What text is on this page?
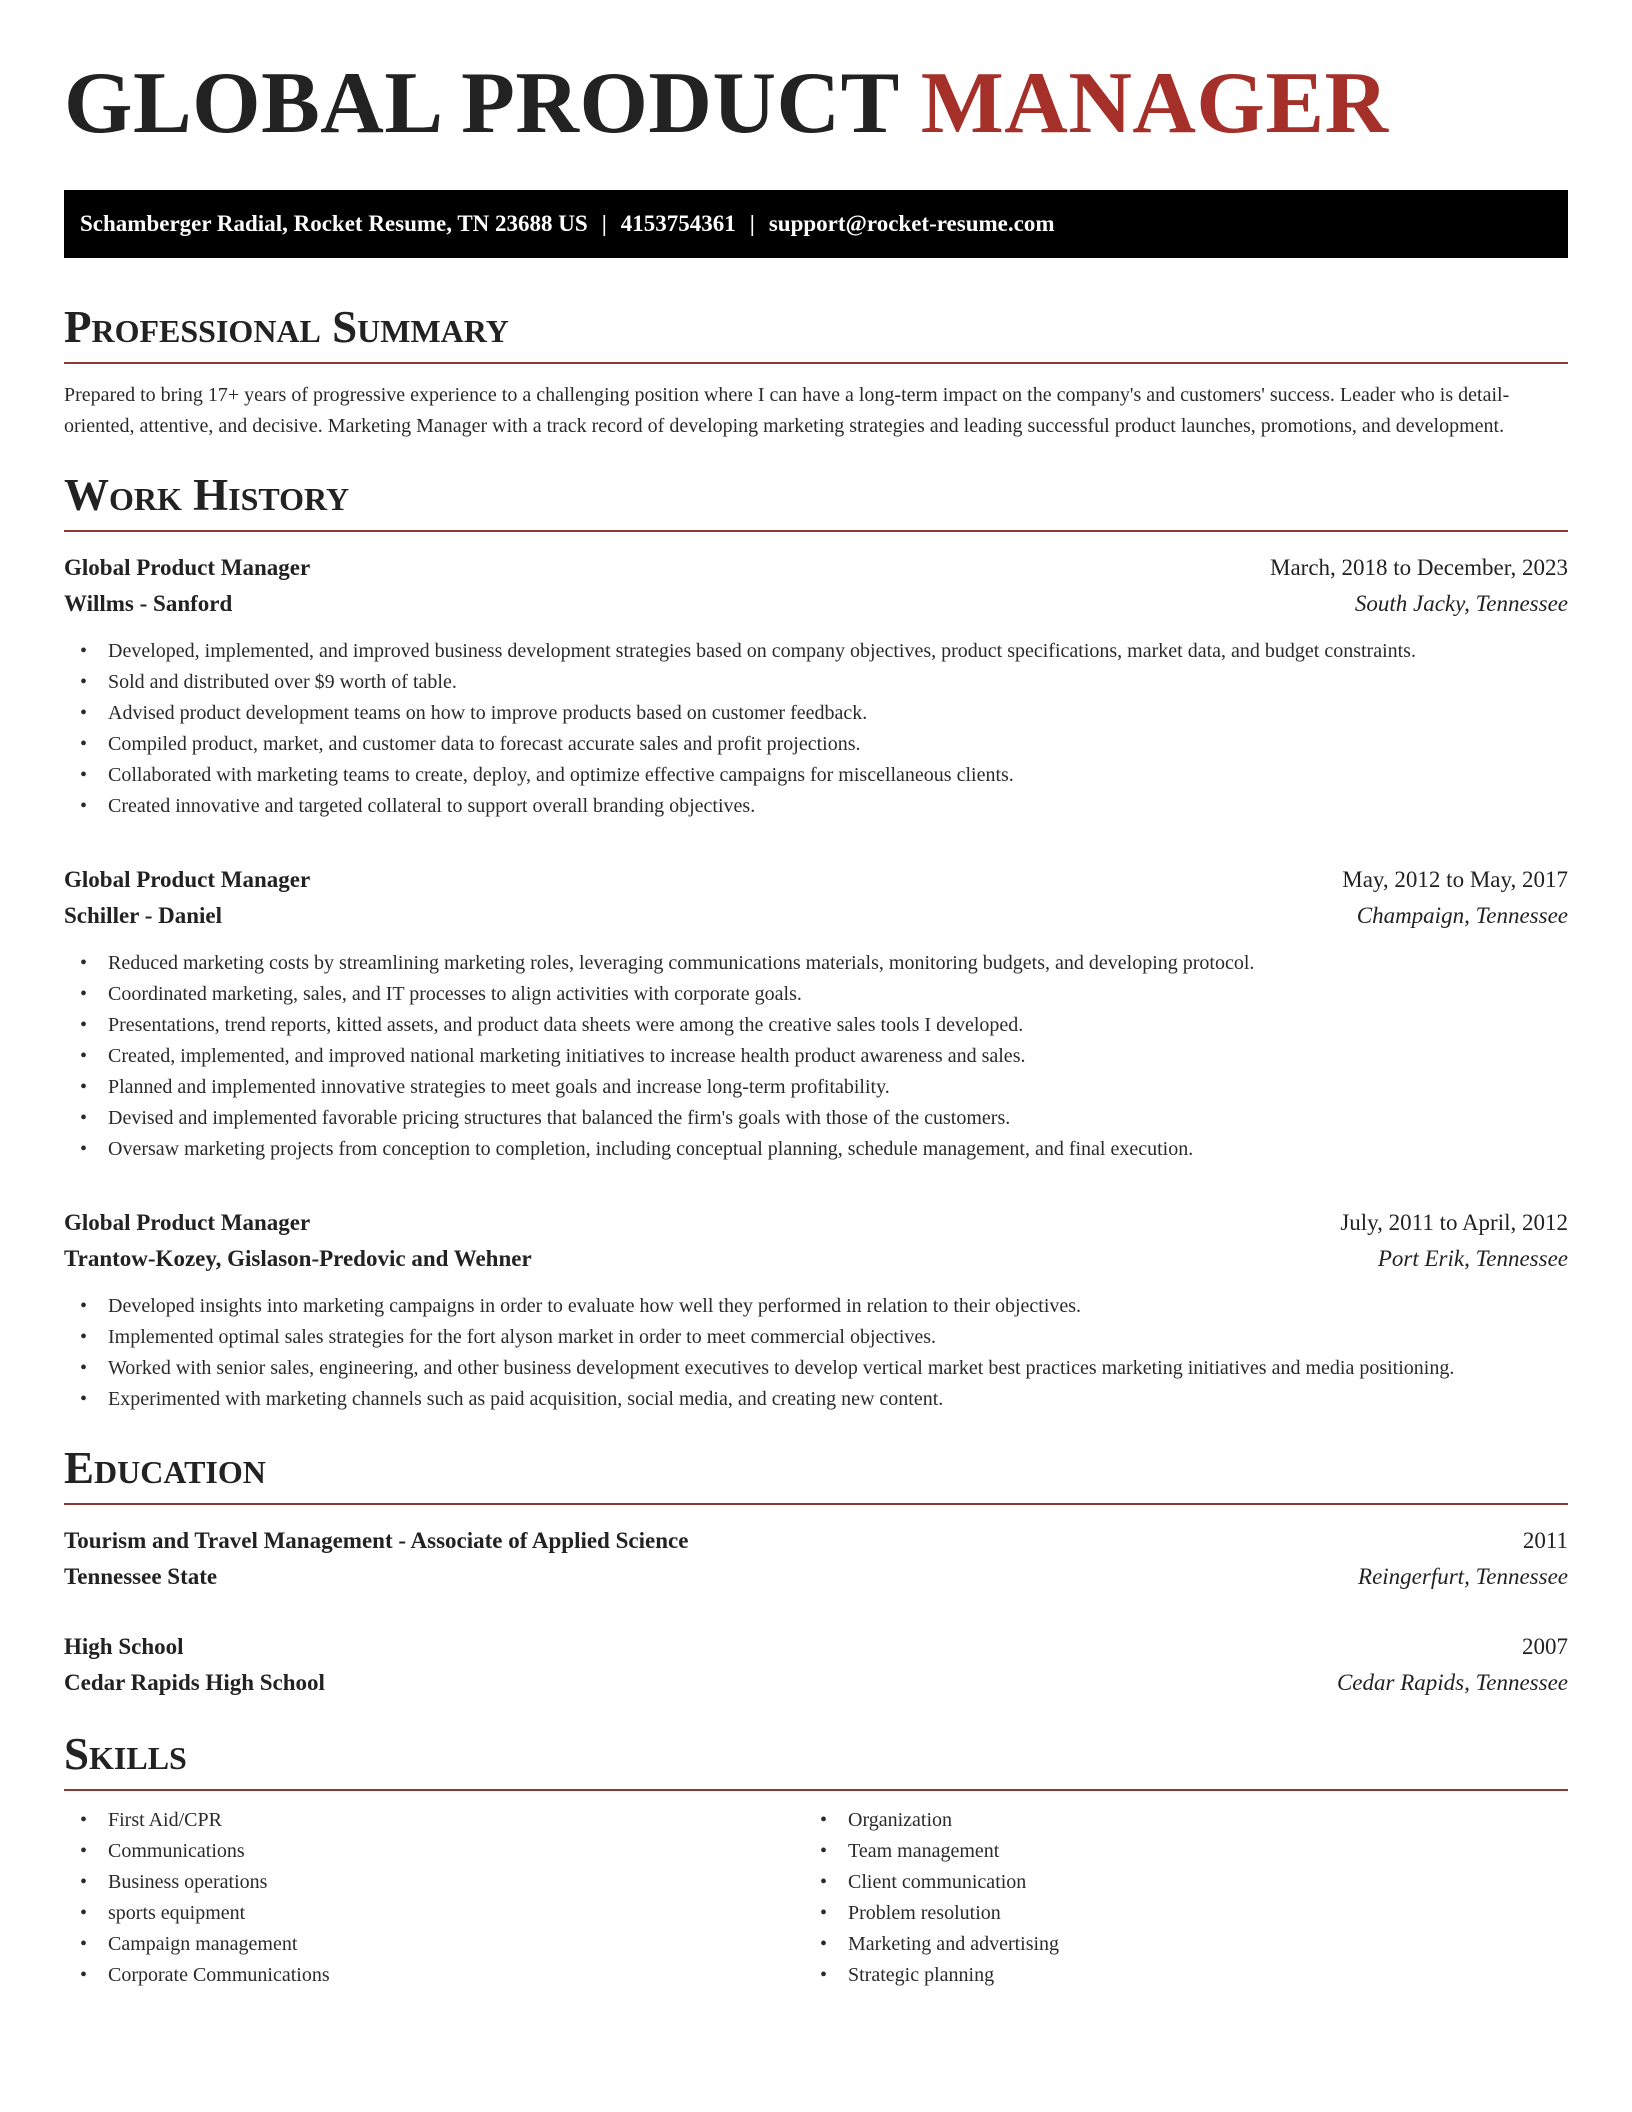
GLOBAL PRODUCT MANAGER
Schamberger Radial, Rocket Resume, TN 23688 US | 4153754361 | support@rocket-resume.com
Professional Summary

Prepared to bring 17+ years of progressive experience to a challenging position where I can have a long-term impact on the company's and customers' success. Leader who is detail-oriented, attentive, and decisive. Marketing Manager with a track record of developing marketing strategies and leading successful product launches, promotions, and development.

Work History
Global Product Manager	March, 2018 to December, 2023
Willms - Sanford	South Jacky, Tennessee
• Developed, implemented, and improved business development strategies based on company objectives, product specifications, market data, and budget constraints.
• Sold and distributed over $9 worth of table.
• Advised product development teams on how to improve products based on customer feedback.
• Compiled product, market, and customer data to forecast accurate sales and profit projections.
• Collaborated with marketing teams to create, deploy, and optimize effective campaigns for miscellaneous clients.
• Created innovative and targeted collateral to support overall branding objectives.
Global Product Manager	May, 2012 to May, 2017
Schiller - Daniel	Champaign, Tennessee
• Reduced marketing costs by streamlining marketing roles, leveraging communications materials, monitoring budgets, and developing protocol.
• Coordinated marketing, sales, and IT processes to align activities with corporate goals.
• Presentations, trend reports, kitted assets, and product data sheets were among the creative sales tools I developed.
• Created, implemented, and improved national marketing initiatives to increase health product awareness and sales.
• Planned and implemented innovative strategies to meet goals and increase long-term profitability.
• Devised and implemented favorable pricing structures that balanced the firm's goals with those of the customers.
• Oversaw marketing projects from conception to completion, including conceptual planning, schedule management, and final execution.
Global Product Manager	July, 2011 to April, 2012
Trantow-Kozey, Gislason-Predovic and Wehner	Port Erik, Tennessee
• Developed insights into marketing campaigns in order to evaluate how well they performed in relation to their objectives.
• Implemented optimal sales strategies for the fort alyson market in order to meet commercial objectives.
• Worked with senior sales, engineering, and other business development executives to develop vertical market best practices marketing initiatives and media positioning.
• Experimented with marketing channels such as paid acquisition, social media, and creating new content.
Education
Tourism and Travel Management - Associate of Applied Science	2011
Tennessee State	Reingerfurt, Tennessee
High School	2007
Cedar Rapids High School	Cedar Rapids, Tennessee
Skills
• First Aid/CPR
• Communications
• Business operations
• sports equipment
• Campaign management
• Corporate Communications
• Organization
• Team management
• Client communication
• Problem resolution
• Marketing and advertising
• Strategic planning
